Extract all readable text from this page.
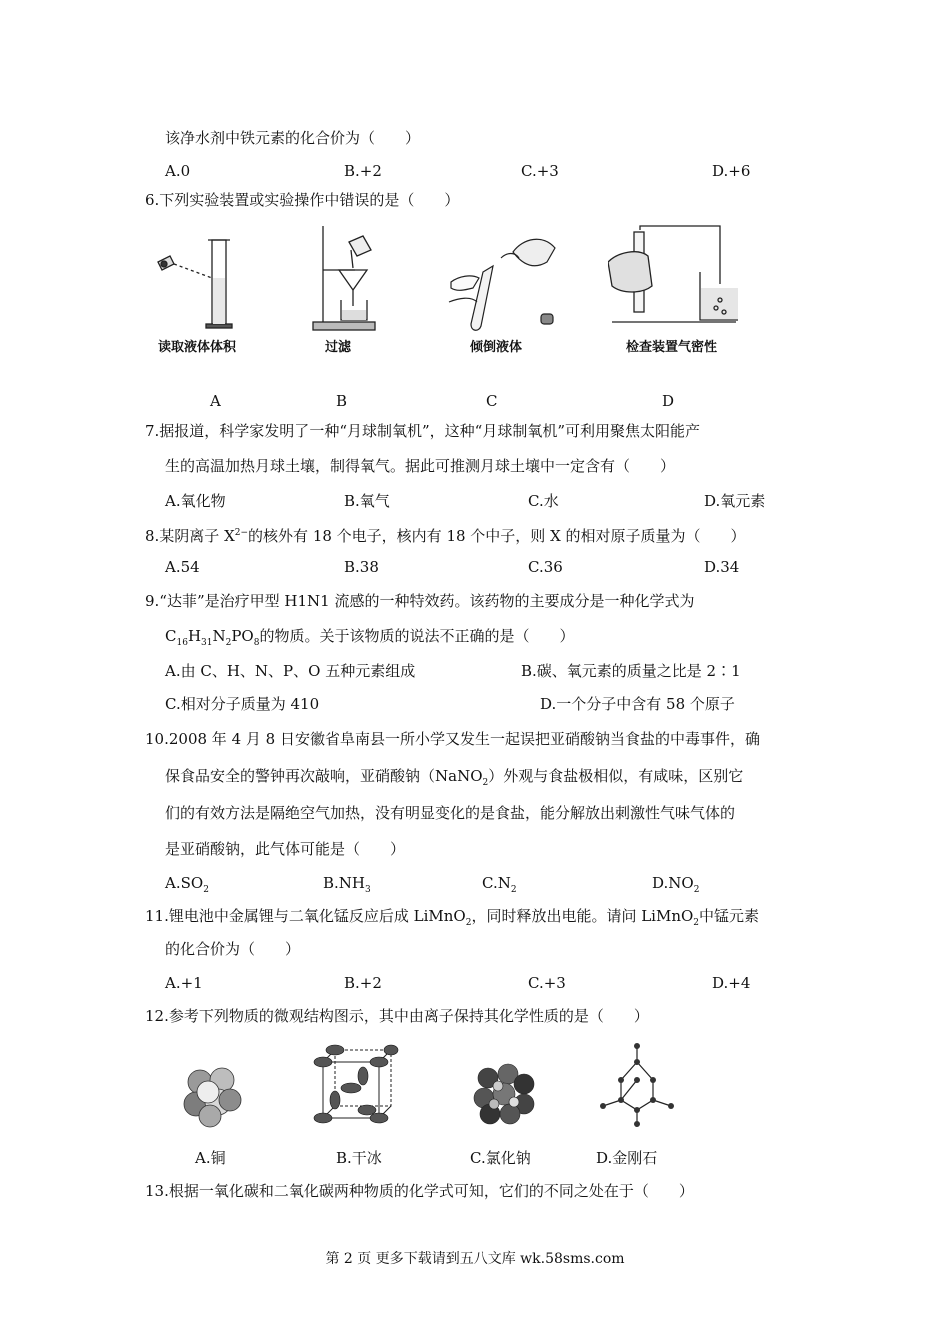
该净水剂中铁元素的化合价为（　　）
A.0	B.+2	C.+3	D.+6
6.下列实验装置或实验操作中错误的是（　　）
读取液体体积	过滤	倾倒液体	检查装置气密性
A	B	C	D
7.据报道，科学家发明了一种“月球制氧机”，这种“月球制氧机”可利用聚焦太阳能产
生的高温加热月球土壤，制得氧气。据此可推测月球土壤中一定含有（　　）
A.氧化物	B.氧气	C.水	D.氧元素
8.某阴离子 $X^{2-}$的核外有 18 个电子，核内有 18 个中子，则 X 的相对原子质量为（　　）
A.54	B.38	C.36	D.34
9.“达菲”是治疗甲型 H1N1 流感的一种特效药。该药物的主要成分是一种化学式为
$C_{16}H_{31}N_2PO_8$的物质。关于该物质的说法不正确的是（　　）
A.由 C、H、N、P、O 五种元素组成	B.碳、氧元素的质量之比是 2∶1
C.相对分子质量为 410	D.一个分子中含有 58 个原子
10.2008 年 4 月 8 日安徽省阜南县一所小学又发生一起误把亚硝酸钠当食盐的中毒事件，确
保食品安全的警钟再次敲响，亚硝酸钠（NaNO$_2$）外观与食盐极相似，有咸味，区别它
们的有效方法是隔绝空气加热，没有明显变化的是食盐，能分解放出刺激性气味气体的
是亚硝酸钠，此气体可能是（　　）
$A.SO_2$	$B.NH_3$	$C.N_2$	$D.NO_2$
11.锂电池中金属锂与二氧化锰反应后成 LiMnO$_2$，同时释放出电能。请问 LiMnO$_2$中锰元素
的化合价为（　　）
A.+1	B.+2	C.+3	D.+4
12.参考下列物质的微观结构图示，其中由离子保持其化学性质的是（　　）
A.铜	B.干冰	C.氯化钠	D.金刚石
13.根据一氧化碳和二氧化碳两种物质的化学式可知，它们的不同之处在于（　　）
第 2 页 更多下载请到五八文库 wk.58sms.com
